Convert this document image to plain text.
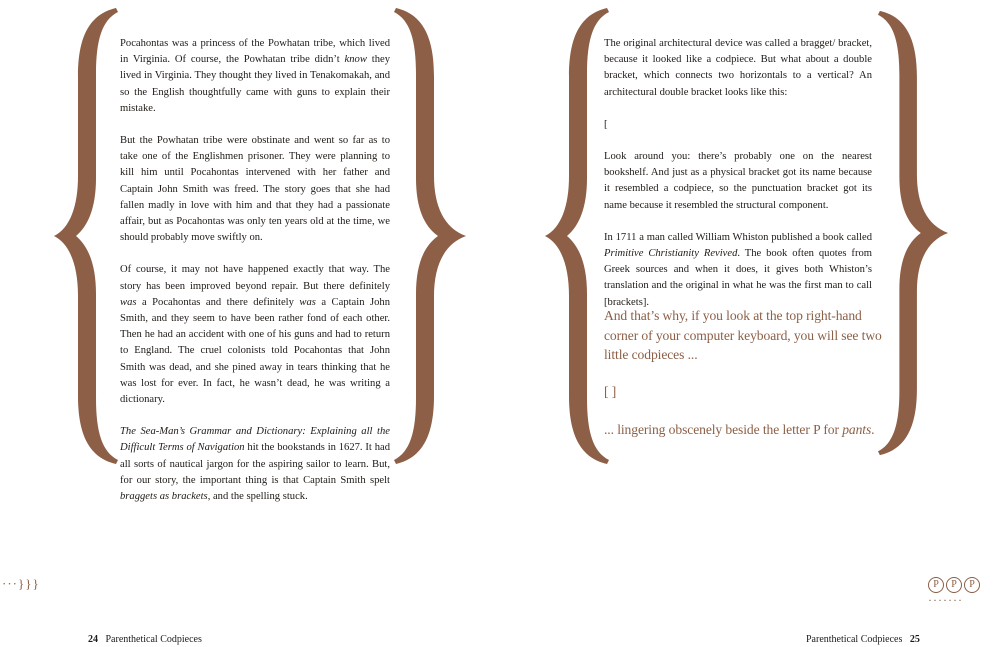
Pocahontas was a princess of the Powhatan tribe, which lived in Virginia. Of course, the Powhatan tribe didn’t know they lived in Virginia. They thought they lived in Tenakomakah, and so the English thoughtfully came with guns to explain their mistake.

But the Powhatan tribe were obstinate and went so far as to take one of the Englishmen prisoner. They were planning to kill him until Pocahontas intervened with her father and Captain John Smith was freed. The story goes that she had fallen madly in love with him and that they had a passionate affair, but as Pocahontas was only ten years old at the time, we should probably move swiftly on.

Of course, it may not have happened exactly that way. The story has been improved beyond repair. But there definitely was a Pocahontas and there definitely was a Captain John Smith, and they seem to have been rather fond of each other. Then he had an accident with one of his guns and had to return to England. The cruel colonists told Pocahontas that John Smith was dead, and she pined away in tears thinking that he was lost for ever. In fact, he wasn’t dead, he was writing a dictionary.

The Sea-Man’s Grammar and Dictionary: Explaining all the Difficult Terms of Navigation hit the bookstands in 1627. It had all sorts of nautical jargon for the aspiring sailor to learn. But, for our story, the important thing is that Captain Smith spelt braggets as brackets, and the spelling stuck.

···}}}
24 Parenthetical Codpieces

The original architectural device was called a bragget/ bracket, because it looked like a codpiece. But what about a double bracket, which connects two horizontals to a vertical? An architectural double bracket looks like this:

[

Look around you: there’s probably one on the nearest bookshelf. And just as a physical bracket got its name because it resembled a codpiece, so the punctuation bracket got its name because it resembled the structural component.

In 1711 a man called William Whiston published a book called Primitive Christianity Revived. The book often quotes from Greek sources and when it does, it gives both Whiston’s translation and the original in what he was the first man to call [brackets].

And that’s why, if you look at the top right-hand corner of your computer keyboard, you will see two little codpieces ...
[ ]
... lingering obscenely beside the letter P for pants.
P P P·······
Parenthetical Codpieces 25
